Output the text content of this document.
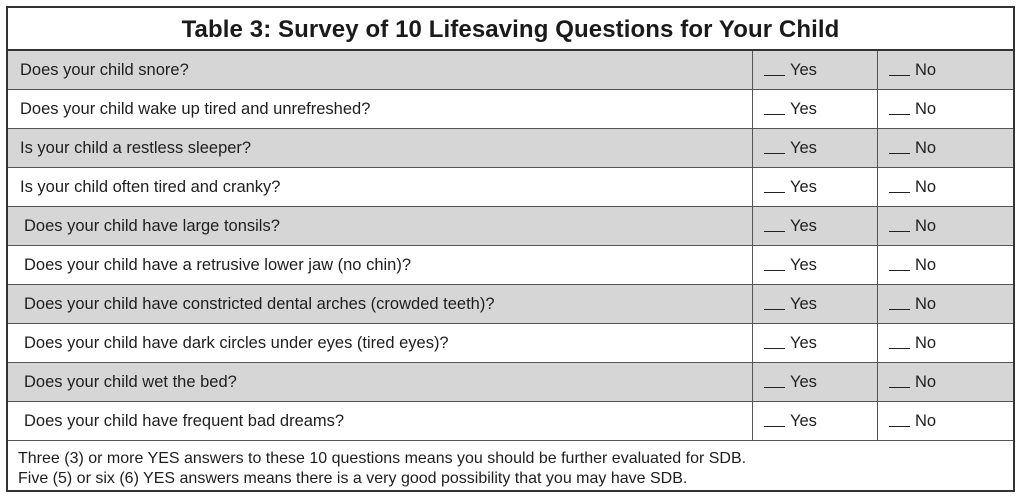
Table 3: Survey of 10 Lifesaving Questions for Your Child
Does your child snore?	Yes	No
Does your child wake up tired and unrefreshed?	Yes	No
Is your child a restless sleeper?	Yes	No
Is your child often tired and cranky?	Yes	No
Does your child have large tonsils?	Yes	No
Does your child have a retrusive lower jaw (no chin)?	Yes	No
Does your child have constricted dental arches (crowded teeth)?	Yes	No
Does your child have dark circles under eyes (tired eyes)?	Yes	No
Does your child wet the bed?	Yes	No
Does your child have frequent bad dreams?	Yes	No
Three (3) or more YES answers to these 10 questions means you should be further evaluated for SDB.
Five (5) or six (6) YES answers means there is a very good possibility that you may have SDB.
